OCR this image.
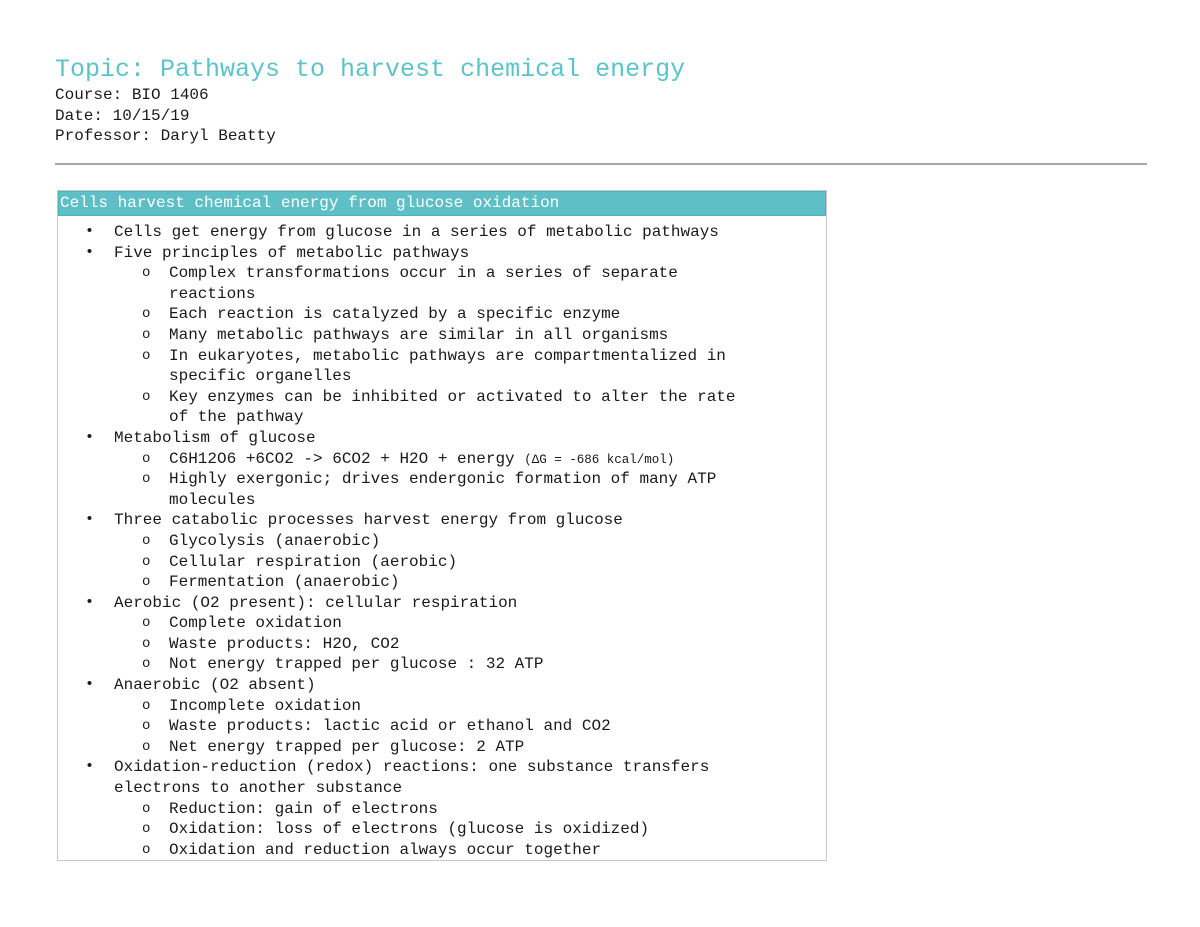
Topic: Pathways to harvest chemical energy
Course: BIO 1406
Date: 10/15/19
Professor: Daryl Beatty
Cells harvest chemical energy from glucose oxidation
• Cells get energy from glucose in a series of metabolic pathways
• Five principles of metabolic pathways
o Complex transformations occur in a series of separate
reactions
o Each reaction is catalyzed by a specific enzyme
o Many metabolic pathways are similar in all organisms
o In eukaryotes, metabolic pathways are compartmentalized in
specific organelles
o Key enzymes can be inhibited or activated to alter the rate
of the pathway
• Metabolism of glucose
o C6H12O6 +6CO2 -> 6CO2 + H2O + energy (ΔG = -686 kcal/mol)
o Highly exergonic; drives endergonic formation of many ATP
molecules
• Three catabolic processes harvest energy from glucose
o Glycolysis (anaerobic)
o Cellular respiration (aerobic)
o Fermentation (anaerobic)
• Aerobic (O2 present): cellular respiration
o Complete oxidation
o Waste products: H2O, CO2
o Not energy trapped per glucose : 32 ATP
• Anaerobic (O2 absent)
o Incomplete oxidation
o Waste products: lactic acid or ethanol and CO2
o Net energy trapped per glucose: 2 ATP
• Oxidation-reduction (redox) reactions: one substance transfers
electrons to another substance
o Reduction: gain of electrons
o Oxidation: loss of electrons (glucose is oxidized)
o Oxidation and reduction always occur together
